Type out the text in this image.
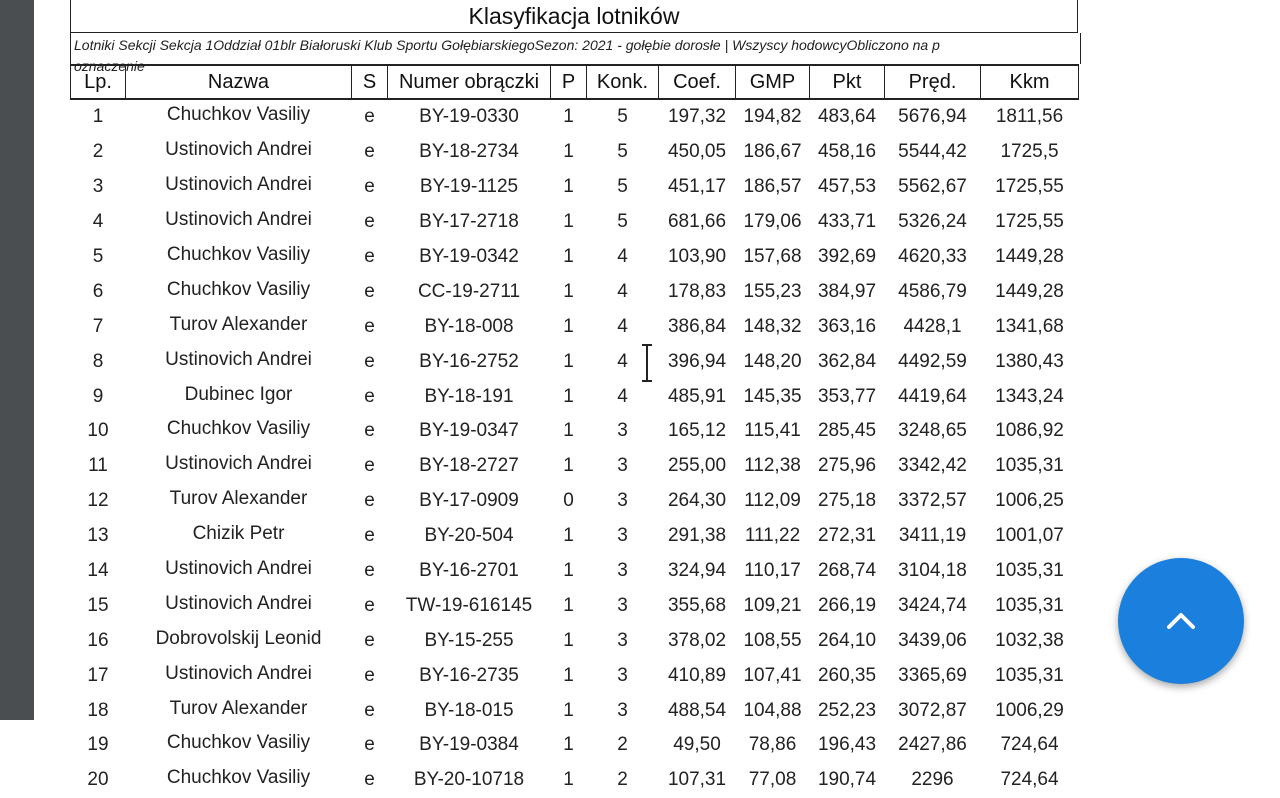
Klasyfikacja lotników
Lotniki Sekcji Sekcja 1Oddział 01blr Białoruski Klub Sportu GołębiarskiegoSezon: 2021 - gołębie dorosłe | Wszyscy hodowcyObliczono na p
oznaczenie
Lp.	Nazwa	S	Numer obrączki	P	Konk.	Coef.	GMP	Pkt	Pręd.	Kkm
1	Chuchkov Vasiliy	e	BY-19-0330	1	5	197,32	194,82	483,64	5676,94	1811,56
2	Ustinovich Andrei	e	BY-18-2734	1	5	450,05	186,67	458,16	5544,42	1725,5
3	Ustinovich Andrei	e	BY-19-1125	1	5	451,17	186,57	457,53	5562,67	1725,55
4	Ustinovich Andrei	e	BY-17-2718	1	5	681,66	179,06	433,71	5326,24	1725,55
5	Chuchkov Vasiliy	e	BY-19-0342	1	4	103,90	157,68	392,69	4620,33	1449,28
6	Chuchkov Vasiliy	e	CC-19-2711	1	4	178,83	155,23	384,97	4586,79	1449,28
7	Turov Alexander	e	BY-18-008	1	4	386,84	148,32	363,16	4428,1	1341,68
8	Ustinovich Andrei	e	BY-16-2752	1	4	396,94	148,20	362,84	4492,59	1380,43
9	Dubinec Igor	e	BY-18-191	1	4	485,91	145,35	353,77	4419,64	1343,24
10	Chuchkov Vasiliy	e	BY-19-0347	1	3	165,12	115,41	285,45	3248,65	1086,92
11	Ustinovich Andrei	e	BY-18-2727	1	3	255,00	112,38	275,96	3342,42	1035,31
12	Turov Alexander	e	BY-17-0909	0	3	264,30	112,09	275,18	3372,57	1006,25
13	Chizik Petr	e	BY-20-504	1	3	291,38	111,22	272,31	3411,19	1001,07
14	Ustinovich Andrei	e	BY-16-2701	1	3	324,94	110,17	268,74	3104,18	1035,31
15	Ustinovich Andrei	e	TW-19-616145	1	3	355,68	109,21	266,19	3424,74	1035,31
16	Dobrovolskij Leonid	e	BY-15-255	1	3	378,02	108,55	264,10	3439,06	1032,38
17	Ustinovich Andrei	e	BY-16-2735	1	3	410,89	107,41	260,35	3365,69	1035,31
18	Turov Alexander	e	BY-18-015	1	3	488,54	104,88	252,23	3072,87	1006,29
19	Chuchkov Vasiliy	e	BY-19-0384	1	2	49,50	78,86	196,43	2427,86	724,64
20	Chuchkov Vasiliy	e	BY-20-10718	1	2	107,31	77,08	190,74	2296	724,64
